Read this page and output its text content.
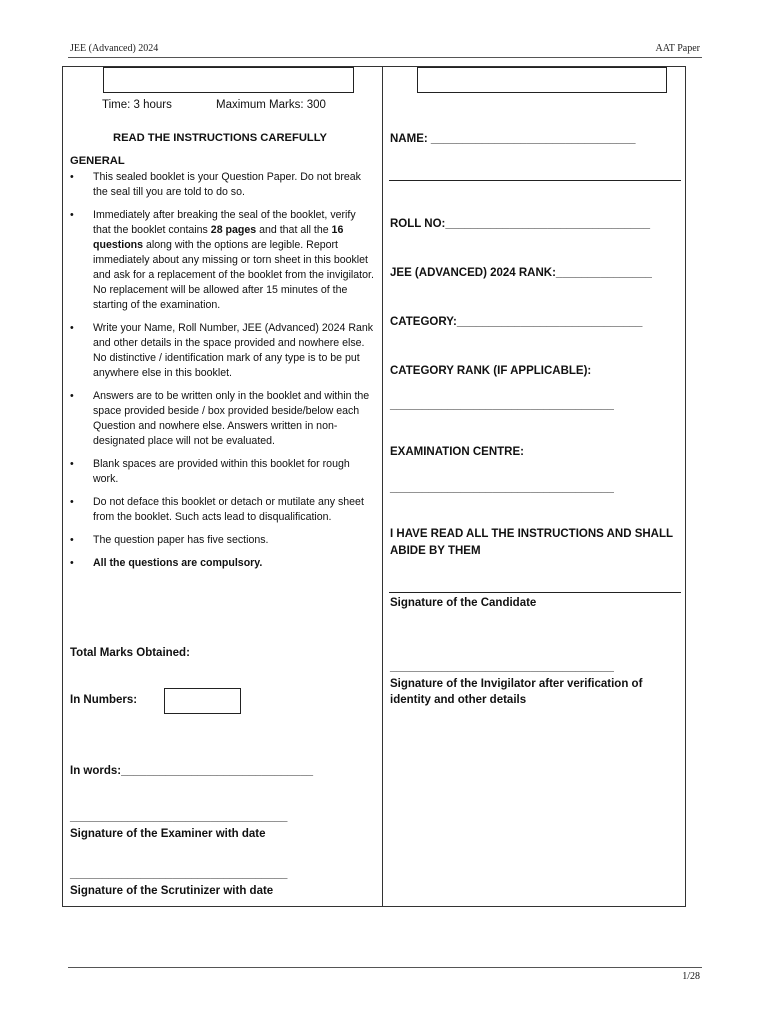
JEE (Advanced) 2024	AAT Paper
Time: 3 hours	Maximum Marks: 300
READ THE INSTRUCTIONS CAREFULLY
GENERAL
• This sealed booklet is your Question Paper. Do not break the seal till you are told to do so.
• Immediately after breaking the seal of the booklet, verify that the booklet contains 28 pages and that all the 16 questions along with the options are legible. Report immediately about any missing or torn sheet in this booklet and ask for a replacement of the booklet from the invigilator. No replacement will be allowed after 15 minutes of the starting of the examination.
• Write your Name, Roll Number, JEE (Advanced) 2024 Rank and other details in the space provided and nowhere else. No distinctive / identification mark of any type is to be put anywhere else in this booklet.
• Answers are to be written only in the booklet and within the space provided beside / box provided beside/below each Question and nowhere else. Answers written in non-designated place will not be evaluated.
• Blank spaces are provided within this booklet for rough work.
• Do not deface this booklet or detach or mutilate any sheet from the booklet. Such acts lead to disqualification.
• The question paper has five sections.
• All the questions are compulsory.
Total Marks Obtained:
In Numbers:
In words:______________________________
__________________________________
Signature of the Examiner with date
__________________________________
Signature of the Scrutinizer with date
NAME: ________________________________
ROLL NO:________________________________
JEE (ADVANCED) 2024 RANK:_______________
CATEGORY:_____________________________
CATEGORY RANK (IF APPLICABLE):
___________________________________
EXAMINATION CENTRE:
___________________________________
I HAVE READ ALL THE INSTRUCTIONS AND SHALL
ABIDE BY THEM
Signature of the Candidate
___________________________________
Signature of the Invigilator after verification of
identity and other details
1/28
